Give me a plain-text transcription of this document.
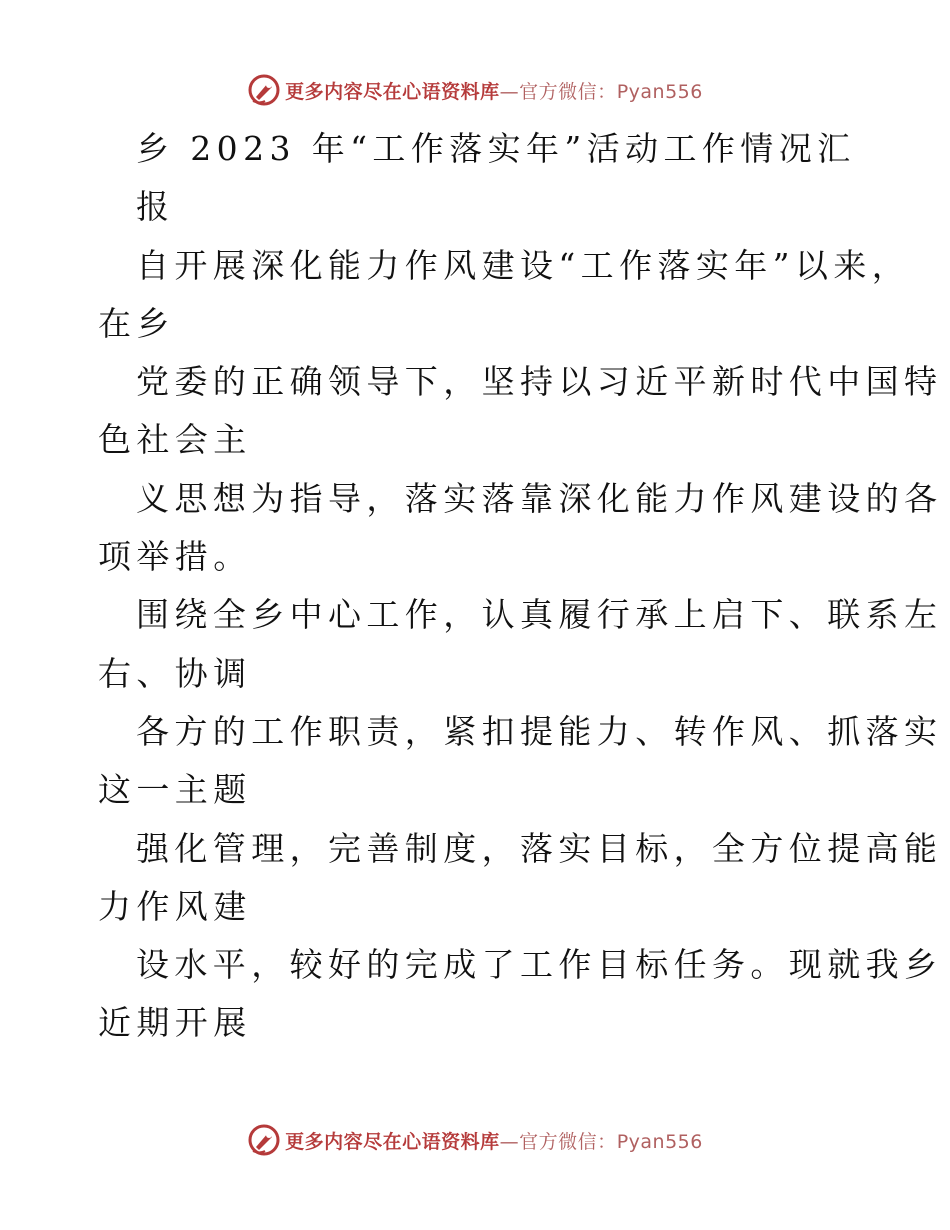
更多内容尽在心语资料库—官方微信：Pyan556
乡 2023 年“工作落实年”活动工作情况汇
报
自开展深化能力作风建设“工作落实年”以来，
在乡
党委的正确领导下，坚持以习近平新时代中国特
色社会主
义思想为指导，落实落靠深化能力作风建设的各
项举措。
围绕全乡中心工作，认真履行承上启下、联系左
右、协调
各方的工作职责，紧扣提能力、转作风、抓落实
这一主题
强化管理，完善制度，落实目标，全方位提高能
力作风建
设水平，较好的完成了工作目标任务。现就我乡
近期开展
更多内容尽在心语资料库—官方微信：Pyan556
